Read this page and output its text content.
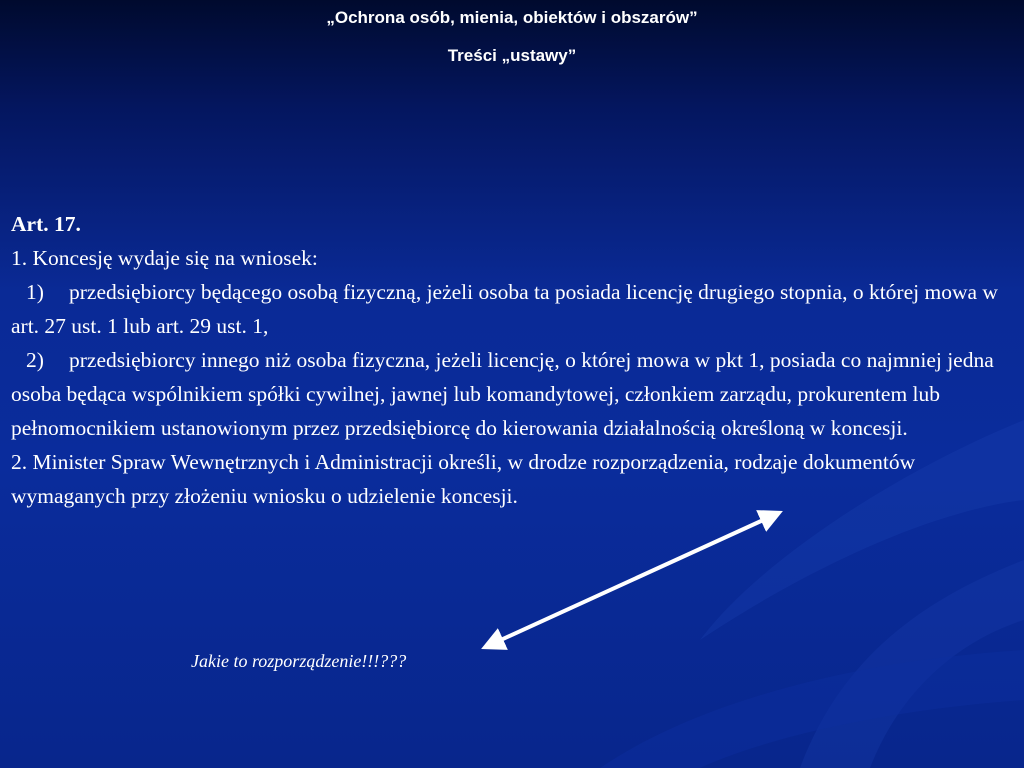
„Ochrona osób, mienia, obiektów i obszarów”
Treści „ustawy”

Art. 17.

1. Koncesję wydaje się na wniosek:

1) przedsiębiorcy będącego osobą fizyczną, jeżeli osoba ta posiada licencję drugiego stopnia, o której mowa w art. 27 ust. 1 lub art. 29 ust. 1,

2) przedsiębiorcy innego niż osoba fizyczna, jeżeli licencję, o której mowa w pkt 1, posiada co najmniej jedna osoba będąca wspólnikiem spółki cywilnej, jawnej lub komandytowej, członkiem zarządu, prokurentem lub pełnomocnikiem ustanowionym przez przedsiębiorcę do kierowania działalnością określoną w koncesji.

2. Minister Spraw Wewnętrznych i Administracji określi, w drodze rozporządzenia, rodzaje dokumentów wymaganych przy złożeniu wniosku o udzielenie koncesji.

Jakie to rozporządzenie!!!???
